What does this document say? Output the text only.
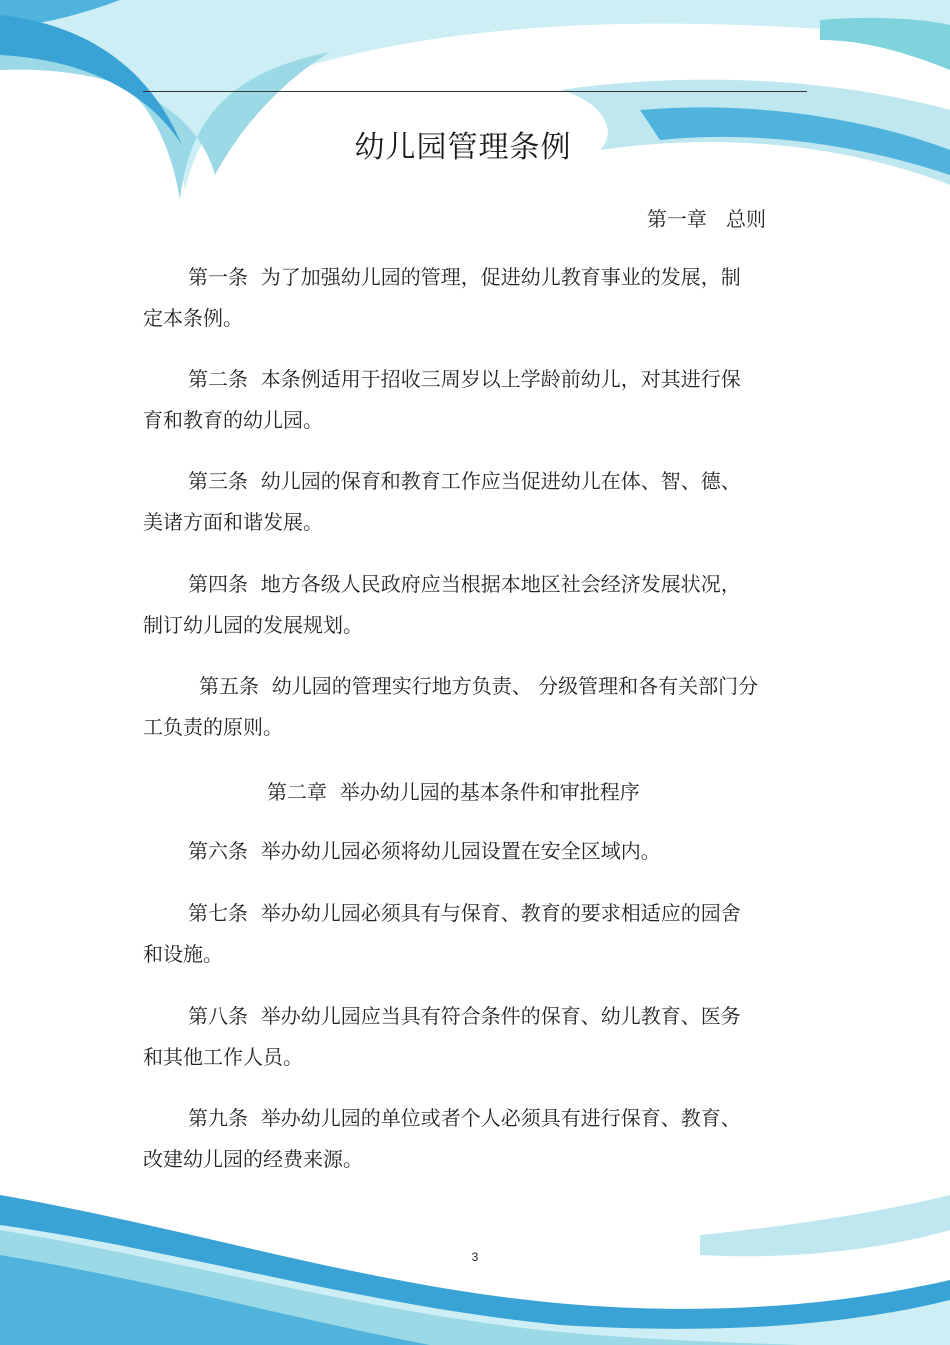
幼儿园管理条例
第一章 总则

第一条 为了加强幼儿园的管理，促进幼儿教育事业的发展，制
定本条例。

第二条 本条例适用于招收三周岁以上学龄前幼儿，对其进行保
育和教育的幼儿园。

第三条 幼儿园的保育和教育工作应当促进幼儿在体、智、德、
美诸方面和谐发展。

第四条 地方各级人民政府应当根据本地区社会经济发展状况，
制订幼儿园的发展规划。

第五条 幼儿园的管理实行地方负责、 分级管理和各有关部门分
工负责的原则。

第二章 举办幼儿园的基本条件和审批程序

第六条 举办幼儿园必须将幼儿园设置在安全区域内。

第七条 举办幼儿园必须具有与保育、教育的要求相适应的园舍
和设施。

第八条 举办幼儿园应当具有符合条件的保育、幼儿教育、医务
和其他工作人员。

第九条 举办幼儿园的单位或者个人必须具有进行保育、教育、
改建幼儿园的经费来源。

3
